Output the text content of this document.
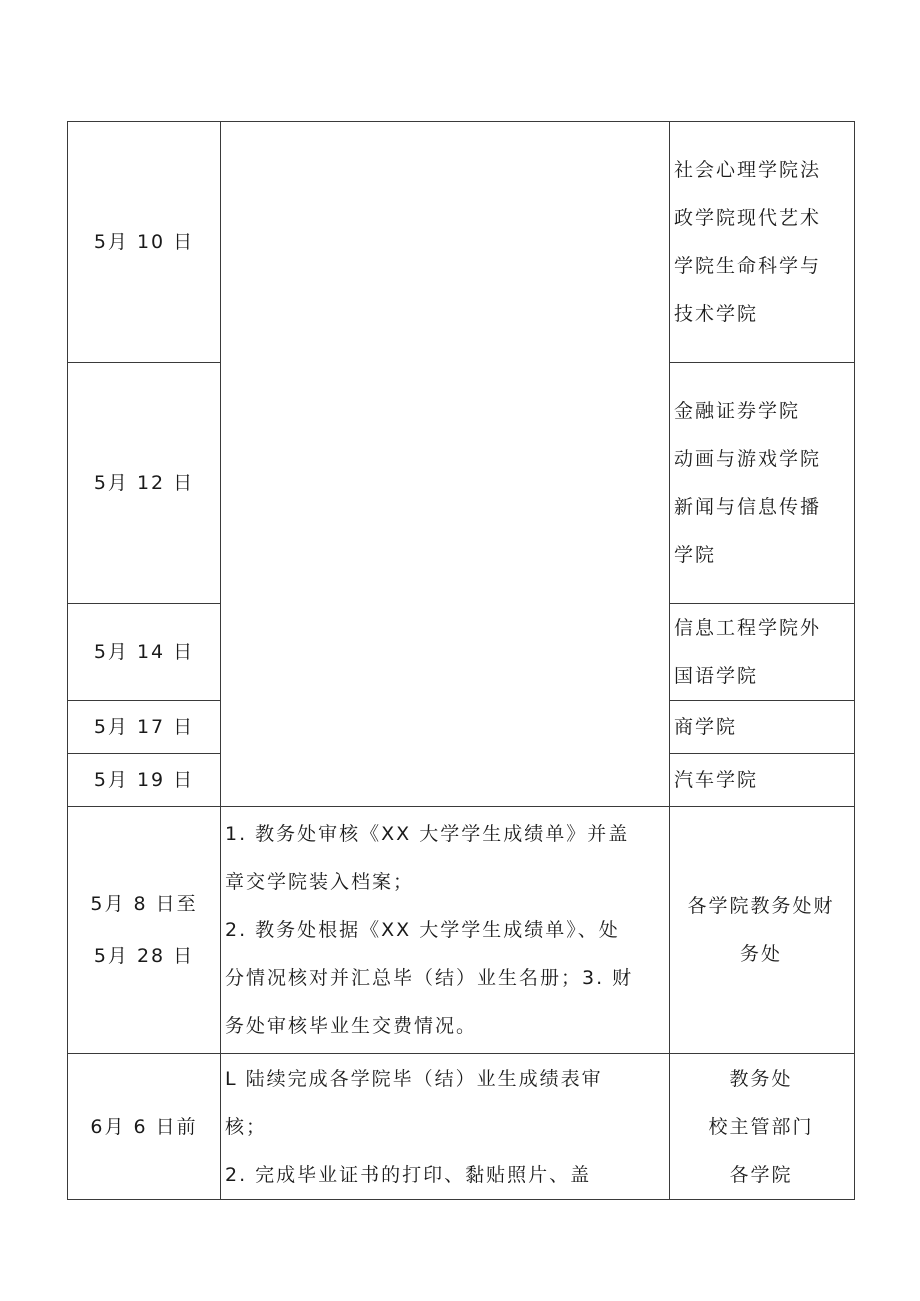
5月 10 日		社会心理学院法
政学院现代艺术
学院生命科学与
技术学院

5月 12 日		金融证券学院
动画与游戏学院
新闻与信息传播
学院

5月 14 日		信息工程学院外
国语学院

5月 17 日		商学院

5月 19 日		汽车学院

5月 8 日至
5月 28 日	1. 教务处审核《XX 大学学生成绩单》并盖
章交学院装入档案；
2. 教务处根据《XX 大学学生成绩单》、处
分情况核对并汇总毕（结）业生名册；3. 财
务处审核毕业生交费情况。	各学院教务处财
务处

6月 6 日前	L 陆续完成各学院毕（结）业生成绩表审
核；
2. 完成毕业证书的打印、黏贴照片、盖	教务处
校主管部门
各学院
